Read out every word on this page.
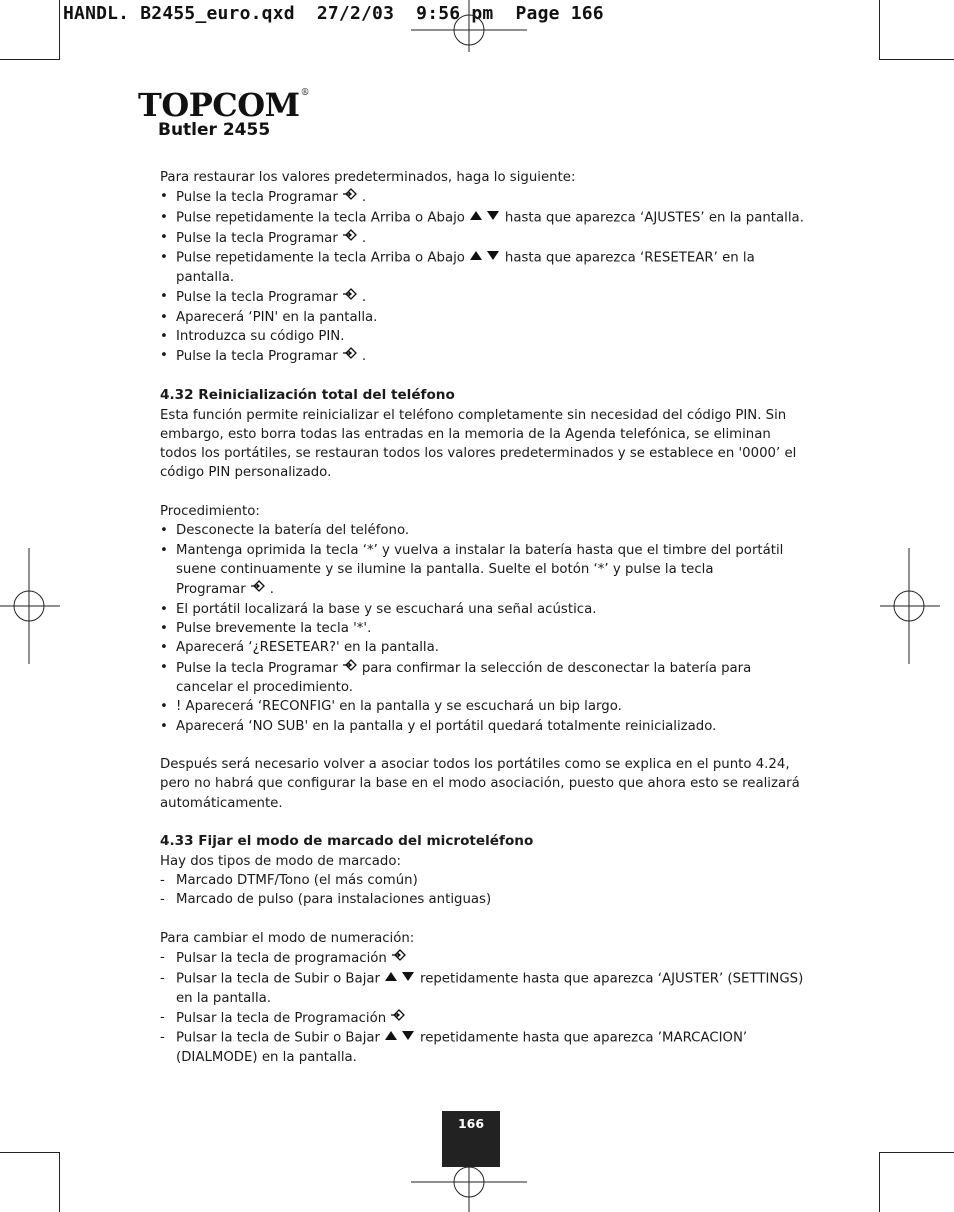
HANDL. B2455_euro.qxd  27/2/03  9:56 pm  Page 166
TOPCOM®
Butler 2455

Para restaurar los valores predeterminados, haga lo siguiente:

• Pulse la tecla Programar .
• Pulse repetidamente la tecla Arriba o Abajo	hasta que aparezca ‘AJUSTES’ en la pantalla.
• Pulse la tecla Programar .
• Pulse repetidamente la tecla Arriba o Abajo	hasta que aparezca ‘RESETEAR’ en la
pantalla.
• Pulse la tecla Programar .
• Aparecerá ‘PIN' en la pantalla.
• Introduzca su código PIN.
• Pulse la tecla Programar .

4.32 Reinicialización total del teléfono

Esta función permite reinicializar el teléfono completamente sin necesidad del código PIN. Sin
embargo, esto borra todas las entradas en la memoria de la Agenda telefónica, se eliminan
todos los portátiles, se restauran todos los valores predeterminados y se establece en '0000’ el
código PIN personalizado.

Procedimiento:

• Desconecte la batería del teléfono.
• Mantenga oprimida la tecla ‘*’ y vuelva a instalar la batería hasta que el timbre del portátil
suene continuamente y se ilumine la pantalla. Suelte el botón ‘*’ y pulse la tecla
Programar .
• El portátil localizará la base y se escuchará una señal acústica.
• Pulse brevemente la tecla '*'.
• Aparecerá ‘¿RESETEAR?' en la pantalla.
• Pulse la tecla Programar para confirmar la selección de desconectar la batería para
cancelar el procedimiento.
• ! Aparecerá ‘RECONFIG' en la pantalla y se escuchará un bip largo.
• Aparecerá ‘NO SUB' en la pantalla y el portátil quedará totalmente reinicializado.

Después será necesario volver a asociar todos los portátiles como se explica en el punto 4.24,
pero no habrá que configurar la base en el modo asociación, puesto que ahora esto se realizará
automáticamente.

4.33 Fijar el modo de marcado del microteléfono

Hay dos tipos de modo de marcado:

- Marcado DTMF/Tono (el más común)
- Marcado de pulso (para instalaciones antiguas)

Para cambiar el modo de numeración:

- Pulsar la tecla de programación
- Pulsar la tecla de Subir o Bajar	repetidamente hasta que aparezca ‘AJUSTER’ (SETTINGS)
en la pantalla.
- Pulsar la tecla de Programación
- Pulsar la tecla de Subir o Bajar	repetidamente hasta que aparezca ’MARCACION’
(DIALMODE) en la pantalla.
166
